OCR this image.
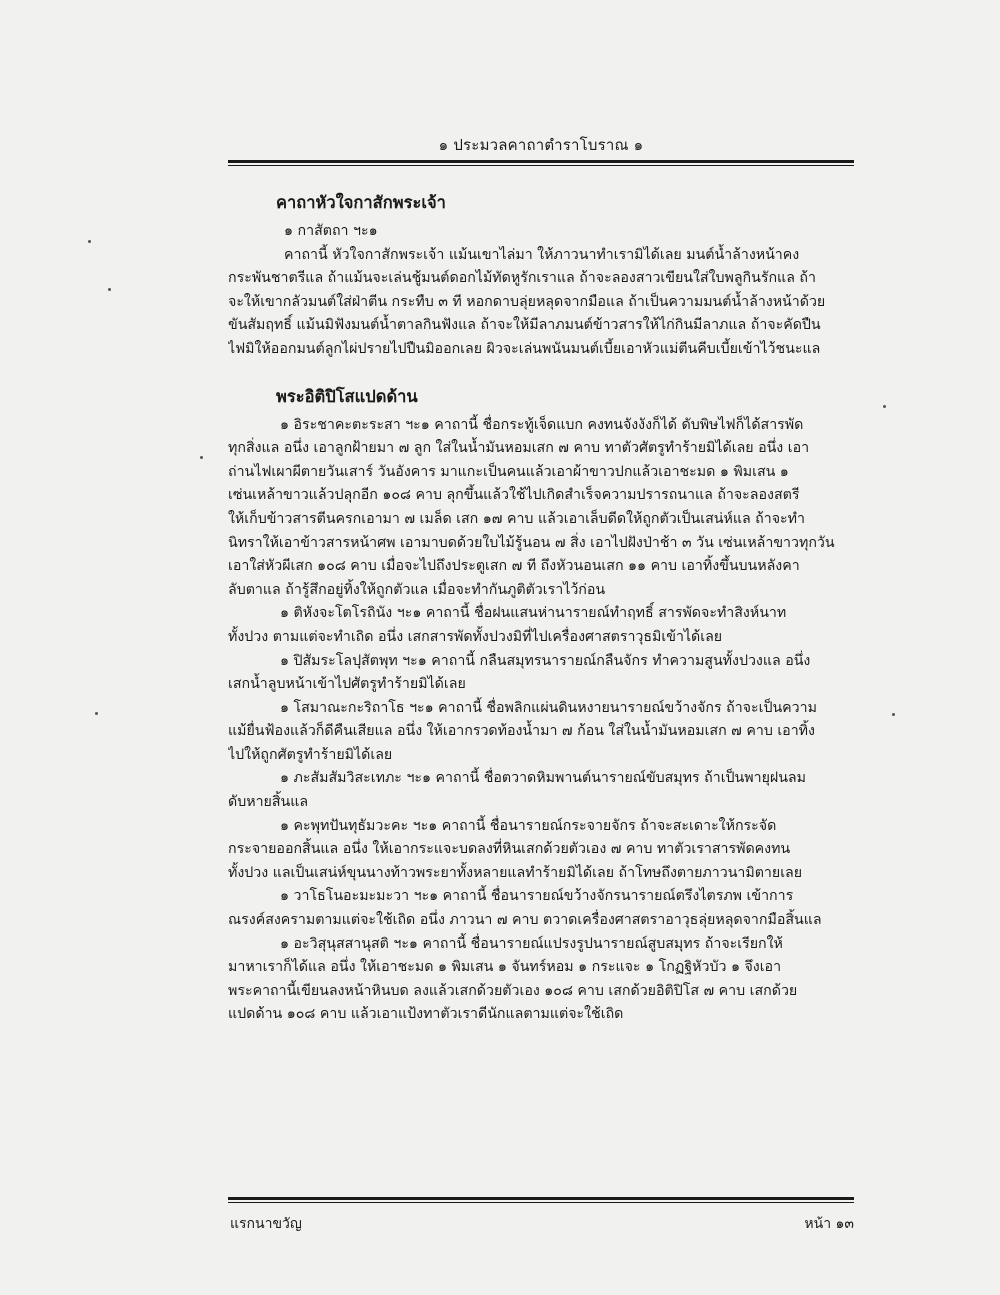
๑ ประมวลคาถาตำราโบราณ ๑
คาถาหัวใจกาสักพระเจ้า
๑ กาสัตถา ฯะ๑
คาถานี้ หัวใจกาสักพระเจ้า แม้นเขาไล่มา ให้ภาวนาทำเรามิได้เลย มนต์น้ำล้างหน้าคง
กระพันชาตรีแล ถ้าแม้นจะเล่นชู้มนต์ดอกไม้ทัดหูรักเราแล ถ้าจะลองสาวเขียนใส่ใบพลูกินรักแล ถ้า
จะให้เขากลัวมนต์ใส่ฝ่าตีน กระทืบ ๓ ที หอกดาบลุ่ยหลุดจากมือแล ถ้าเป็นความมนต์น้ำล้างหน้าด้วย
ขันสัมฤทธิ์ แม้นมิฟังมนต์น้ำตาลกินฟังแล ถ้าจะให้มีลาภมนต์ข้าวสารให้ไก่กินมีลาภแล ถ้าจะคัดปืน
ไฟมิให้ออกมนต์ลูกไผ่ปรายไปปืนมิออกเลย ผิวจะเล่นพนันมนต์เบี้ยเอาหัวแม่ตีนคีบเบี้ยเข้าไว้ชนะแล
พระอิติปิโสแปดด้าน
๑ อิระชาคะตะระสา ฯะ๑ คาถานี้ ชื่อกระทู้เจ็ดแบก คงทนจังงังก็ได้ ดับพิษไฟก็ได้สารพัด
ทุกสิ่งแล อนึ่ง เอาลูกฝ้ายมา ๗ ลูก ใส่ในน้ำมันหอมเสก ๗ คาบ ทาตัวศัตรูทำร้ายมิได้เลย อนึ่ง เอา
ถ่านไฟเผาผีตายวันเสาร์ วันอังคาร มาแกะเป็นคนแล้วเอาผ้าขาวปกแล้วเอาชะมด ๑ พิมเสน ๑
เซ่นเหล้าขาวแล้วปลุกอีก ๑๐๘ คาบ ลุกขึ้นแล้วใช้ไปเกิดสำเร็จความปรารถนาแล ถ้าจะลองสตรี
ให้เก็บข้าวสารตีนครกเอามา ๗ เมล็ด เสก ๑๗ คาบ แล้วเอาเล็บดีดให้ถูกตัวเป็นเสน่ห์แล ถ้าจะทำ
นิทราให้เอาข้าวสารหน้าศพ เอามาบดด้วยใบไม้รู้นอน ๗ สิ่ง เอาไปฝังป่าช้า ๓ วัน เซ่นเหล้าขาวทุกวัน
เอาใส่หัวผีเสก ๑๐๘ คาบ เมื่อจะไปถึงประตูเสก ๗ ที ถึงหัวนอนเสก ๑๑ คาบ เอาทิ้งขึ้นบนหลังคา
ลับตาแล ถ้ารู้สึกอยู่ทิ้งให้ถูกตัวแล เมื่อจะทำกันภูติตัวเราไว้ก่อน
๑ ติหังจะโตโรถินัง ฯะ๑ คาถานี้ ชื่อฝนแสนห่านารายณ์ทำฤทธิ์ สารพัดจะทำสิงห์นาท
ทั้งปวง ตามแต่จะทำเถิด อนึ่ง เสกสารพัดทั้งปวงมิที่ไปเครื่องศาสตราวุธมิเข้าได้เลย
๑ ปิสัมระโลปุสัตพุท ฯะ๑ คาถานี้ กลืนสมุทรนารายณ์กลืนจักร ทำความสูนทั้งปวงแล อนึ่ง
เสกน้ำลูบหน้าเข้าไปศัตรูทำร้ายมิได้เลย
๑ โสมาณะกะริถาโธ ฯะ๑ คาถานี้ ชื่อพลิกแผ่นดินหงายนารายณ์ขว้างจักร ถ้าจะเป็นความ
แม้ยื่นฟ้องแล้วก็ดีคืนเสียแล อนึ่ง ให้เอากรวดท้องน้ำมา ๗ ก้อน ใส่ในน้ำมันหอมเสก ๗ คาบ เอาทิ้ง
ไปให้ถูกศัตรูทำร้ายมิได้เลย
๑ ภะสัมสัมวิสะเทภะ ฯะ๑ คาถานี้ ชื่อตวาดหิมพานต์นารายณ์ขับสมุทร ถ้าเป็นพายุฝนลม
ดับหายสิ้นแล
๑ คะพุทปันทุธัมวะคะ ฯะ๑ คาถานี้ ชื่อนารายณ์กระจายจักร ถ้าจะสะเดาะให้กระจัด
กระจายออกสิ้นแล อนึ่ง ให้เอากระแจะบดลงที่หินเสกด้วยตัวเอง ๗ คาบ ทาตัวเราสารพัดคงทน
ทั้งปวง แลเป็นเสน่ห์ขุนนางท้าวพระยาทั้งหลายแลทำร้ายมิได้เลย ถ้าโทษถึงตายภาวนามิตายเลย
๑ วาโธโนอะมะมะวา ฯะ๑ คาถานี้ ชื่อนารายณ์ขว้างจักรนารายณ์ตรึงไตรภพ เข้าการ
ณรงค์สงครามตามแต่จะใช้เถิด อนึ่ง ภาวนา ๗ คาบ ตวาดเครื่องศาสตราอาวุธลุ่ยหลุดจากมือสิ้นแล
๑ อะวิสุนุสสานุสติ ฯะ๑ คาถานี้ ชื่อนารายณ์แปรงรูปนารายณ์สูบสมุทร ถ้าจะเรียกให้
มาหาเราก็ได้แล อนึ่ง ให้เอาชะมด ๑ พิมเสน ๑ จันทร์หอม ๑ กระแจะ ๑ โกฏฐิหัวบัว ๑ จึงเอา
พระคาถานี้เขียนลงหน้าหินบด ลงแล้วเสกด้วยตัวเอง ๑๐๘ คาบ เสกด้วยอิติปิโส ๗ คาบ เสกด้วย
แปดด้าน ๑๐๘ คาบ แล้วเอาแป้งทาตัวเราดีนักแลตามแต่จะใช้เถิด
แรกนาขวัญ	หน้า ๑๓
